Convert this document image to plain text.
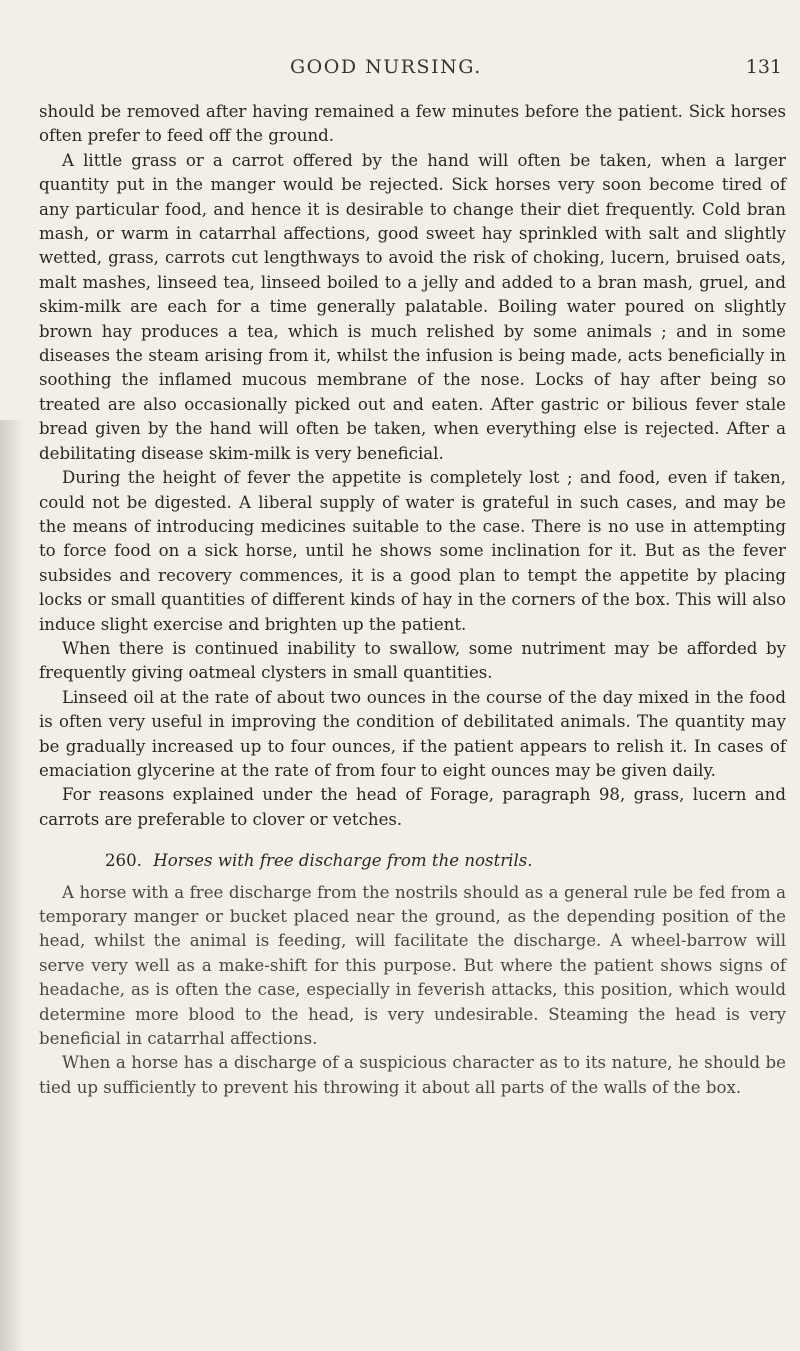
GOOD NURSING.	131

should be removed after having remained a few minutes before the patient. Sick horses often prefer to feed off the ground.

A little grass or a carrot offered by the hand will often be taken, when a larger quantity put in the manger would be rejected. Sick horses very soon become tired of any particular food, and hence it is desirable to change their diet frequently. Cold bran mash, or warm in catarrhal affections, good sweet hay sprinkled with salt and slightly wetted, grass, carrots cut lengthways to avoid the risk of choking, lucern, bruised oats, malt mashes, linseed tea, linseed boiled to a jelly and added to a bran mash, gruel, and skim-milk are each for a time generally palatable. Boiling water poured on slightly brown hay produces a tea, which is much relished by some animals ; and in some diseases the steam arising from it, whilst the infusion is being made, acts beneficially in soothing the inflamed mucous membrane of the nose. Locks of hay after being so treated are also occasionally picked out and eaten. After gastric or bilious fever stale bread given by the hand will often be taken, when everything else is rejected. After a debilitating disease skim-milk is very beneficial.

During the height of fever the appetite is completely lost ; and food, even if taken, could not be digested. A liberal supply of water is grateful in such cases, and may be the means of introducing medicines suitable to the case. There is no use in attempting to force food on a sick horse, until he shows some inclination for it. But as the fever subsides and recovery commences, it is a good plan to tempt the appetite by placing locks or small quantities of different kinds of hay in the corners of the box. This will also induce slight exercise and brighten up the patient.

When there is continued inability to swallow, some nutriment may be afforded by frequently giving oatmeal clysters in small quantities.

Linseed oil at the rate of about two ounces in the course of the day mixed in the food is often very useful in improving the condition of debilitated animals. The quantity may be gradually increased up to four ounces, if the patient appears to relish it. In cases of emaciation glycerine at the rate of from four to eight ounces may be given daily.

For reasons explained under the head of Forage, paragraph 98, grass, lucern and carrots are preferable to clover or vetches.

260. Horses with free discharge from the nostrils.

A horse with a free discharge from the nostrils should as a general rule be fed from a temporary manger or bucket placed near the ground, as the depending position of the head, whilst the animal is feeding, will facilitate the discharge. A wheel-barrow will serve very well as a make-shift for this purpose. But where the patient shows signs of headache, as is often the case, especially in feverish attacks, this position, which would determine more blood to the head, is very undesirable. Steaming the head is very beneficial in catarrhal affections.

When a horse has a discharge of a suspicious character as to its nature, he should be tied up sufficiently to prevent his throwing it about all parts of the walls of the box.
